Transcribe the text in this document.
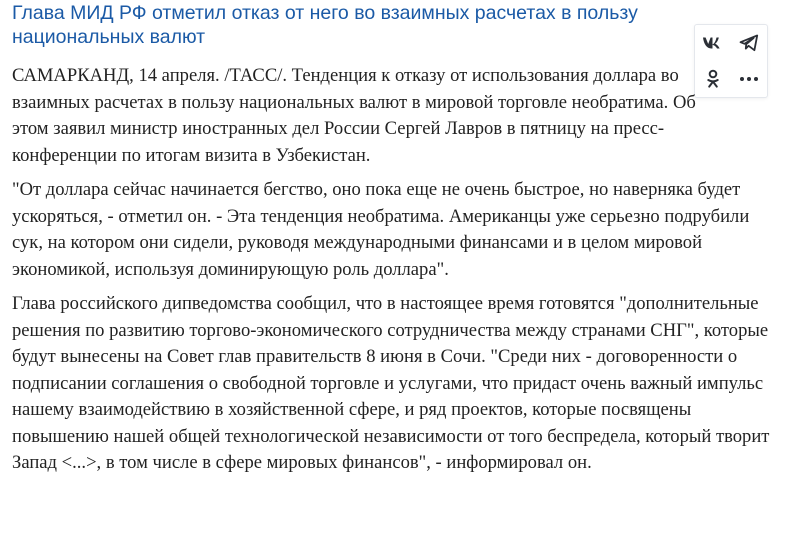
Глава МИД РФ отметил отказ от него во взаимных расчетах в пользу национальных валют

САМАРКАНД, 14 апреля. /ТАСС/. Тенденция к отказу от использования доллара во взаимных расчетах в пользу национальных валют в мировой торговле необратима. Об этом заявил министр иностранных дел России Сергей Лавров в пятницу на пресс-конференции по итогам визита в Узбекистан.

"От доллара сейчас начинается бегство, оно пока еще не очень быстрое, но наверняка будет ускоряться, - отметил он. - Эта тенденция необратима. Американцы уже серьезно подрубили сук, на котором они сидели, руководя международными финансами и в целом мировой экономикой, используя доминирующую роль доллара".

Глава российского дипведомства сообщил, что в настоящее время готовятся "дополнительные решения по развитию торгово-экономического сотрудничества между странами СНГ", которые будут вынесены на Совет глав правительств 8 июня в Сочи. "Среди них - договоренности о подписании соглашения о свободной торговле и услугами, что придаст очень важный импульс нашему взаимодействию в хозяйственной сфере, и ряд проектов, которые посвящены повышению нашей общей технологической независимости от того беспредела, который творит Запад <...>, в том числе в сфере мировых финансов", - информировал он.
